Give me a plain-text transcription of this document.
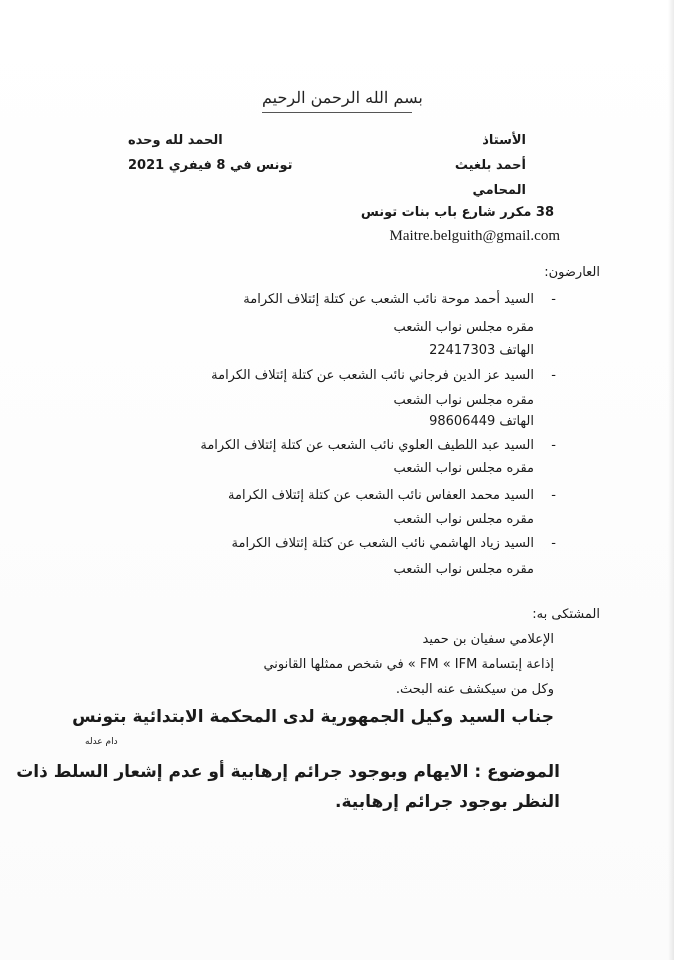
بسم الله الرحمن الرحيم
الحمد لله وحده
تونس في 8 فيفري 2021
الأستاذ
أحمد بلغيث
المحامي
38 مكرر شارع باب بنات تونس
Maitre.belguith@gmail.com
العارضون:
-
السيد أحمد موحة نائب الشعب عن كتلة إئتلاف الكرامة
مقره مجلس نواب الشعب
الهاتف 22417303
-
السيد عز الدين فرجاني نائب الشعب عن كتلة إئتلاف الكرامة
مقره مجلس نواب الشعب
الهاتف 98606449
-
السيد عبد اللطيف العلوي نائب الشعب عن كتلة إئتلاف الكرامة
مقره مجلس نواب الشعب
-
السيد محمد العفاس نائب الشعب عن كتلة إئتلاف الكرامة
مقره مجلس نواب الشعب
-
السيد زياد الهاشمي نائب الشعب عن كتلة إئتلاف الكرامة
مقره مجلس نواب الشعب
المشتكى به:
الإعلامي سفيان بن حميد
إذاعة إبتسامة FM « IFM » في شخص ممثلها القانوني
وكل من سيكشف عنه البحث.
جناب السيد وكيل الجمهورية لدى المحكمة الابتدائية بتونس
دام عدله
الموضوع : الايهام وبوجود جرائم إرهابية أو عدم إشعار السلط ذات
النظر بوجود جرائم إرهابية.
